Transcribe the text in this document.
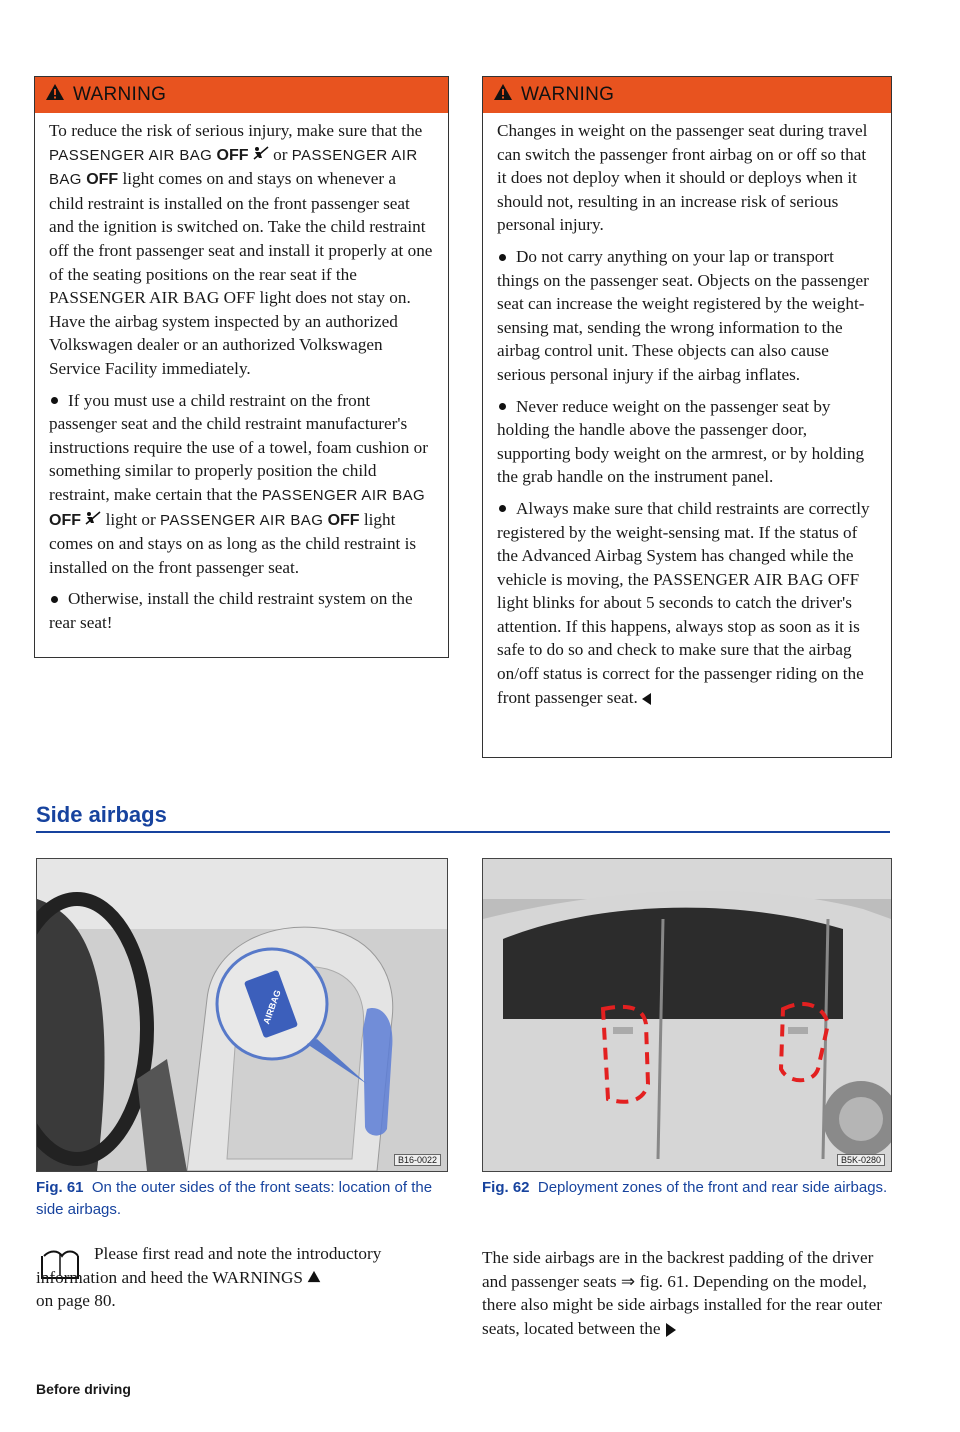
WARNING

To reduce the risk of serious injury, make sure that the PASSENGER AIR BAG OFF or PASSENGER AIR BAG OFF light comes on and stays on whenever a child restraint is installed on the front passenger seat and the ignition is switched on. Take the child restraint off the front passenger seat and install it properly at one of the seating positions on the rear seat if the PASSENGER AIR BAG OFF light does not stay on. Have the airbag system inspected by an authorized Volkswagen dealer or an authorized Volkswagen Service Facility immediately.

If you must use a child restraint on the front passenger seat and the child restraint manufacturer's instructions require the use of a towel, foam cushion or something similar to properly position the child restraint, make certain that the PASSENGER AIR BAG OFF light or PASSENGER AIR BAG OFF light comes on and stays on as long as the child restraint is installed on the front passenger seat.

Otherwise, install the child restraint system on the rear seat!

WARNING

Changes in weight on the passenger seat during travel can switch the passenger front airbag on or off so that it does not deploy when it should or deploys when it should not, resulting in an increase risk of serious personal injury.

Do not carry anything on your lap or transport things on the passenger seat. Objects on the passenger seat can increase the weight registered by the weight-sensing mat, sending the wrong information to the airbag control unit. These objects can also cause serious personal injury if the airbag inflates.

Never reduce weight on the passenger seat by holding the handle above the passenger door, supporting body weight on the armrest, or by holding the grab handle on the instrument panel.

Always make sure that child restraints are correctly registered by the weight-sensing mat. If the status of the Advanced Airbag System has changed while the vehicle is moving, the PASSENGER AIR BAG OFF light blinks for about 5 seconds to catch the driver's attention. If this happens, always stop as soon as it is safe to do so and check to make sure that the airbag on/off status is correct for the passenger riding on the front passenger seat.

Side airbags
AIRBAG
B16-0022
Fig. 61 On the outer sides of the front seats: location of the side airbags.
B5K-0280
Fig. 62 Deployment zones of the front and rear side airbags.
Please first read and note the introductory information and heed the WARNINGS
on page 80.
The side airbags are in the backrest padding of the driver and passenger seats ⇒ fig. 61. Depending on the model, there also might be side airbags installed for the rear outer seats, located between the
Before driving
